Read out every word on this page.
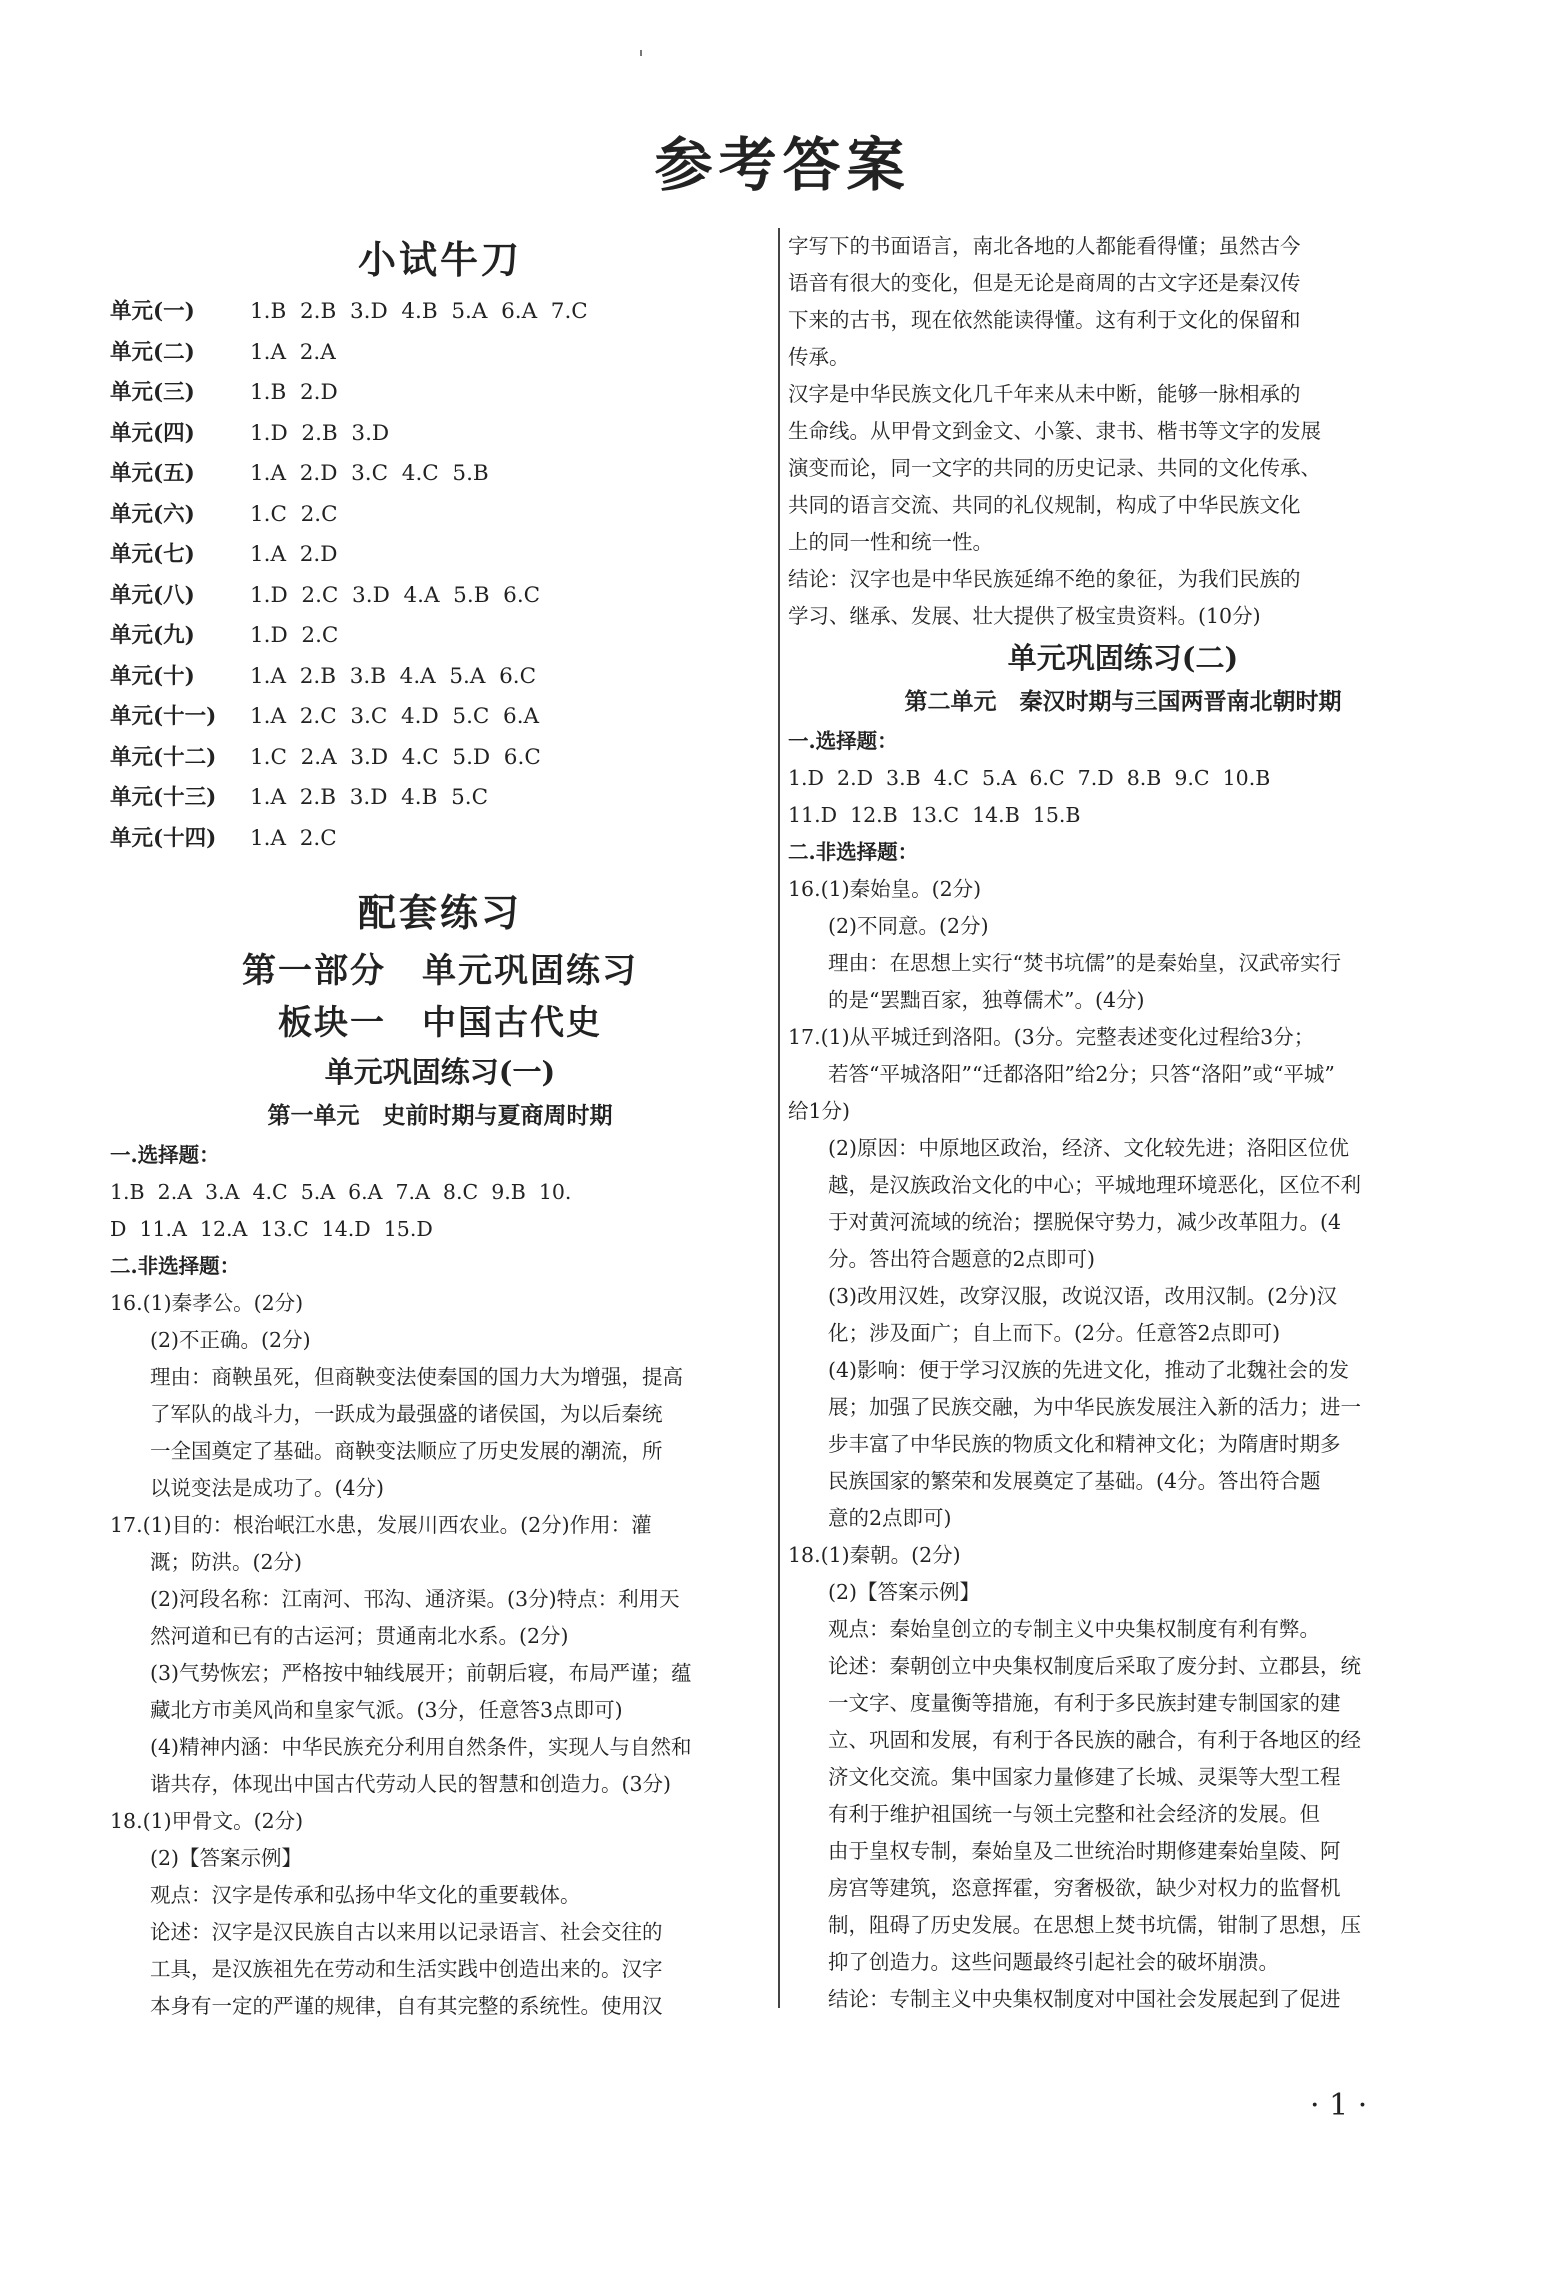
参考答案
小试牛刀
单元(一)	1.B  2.B  3.D  4.B  5.A  6.A  7.C
单元(二)	1.A  2.A
单元(三)	1.B  2.D
单元(四)	1.D  2.B  3.D
单元(五)	1.A  2.D  3.C  4.C  5.B
单元(六)	1.C  2.C
单元(七)	1.A  2.D
单元(八)	1.D  2.C  3.D  4.A  5.B  6.C
单元(九)	1.D  2.C
单元(十)	1.A  2.B  3.B  4.A  5.A  6.C
单元(十一) 1.A  2.C  3.C  4.D  5.C  6.A
单元(十二) 1.C  2.A  3.D  4.C  5.D  6.C
单元(十三) 1.A  2.B  3.D  4.B  5.C
单元(十四) 1.A  2.C
配套练习
第一部分　单元巩固练习
板块一　中国古代史
单元巩固练习(一)
第一单元　史前时期与夏商周时期
一.选择题：
1.B  2.A  3.A  4.C  5.A  6.A  7.A  8.C  9.B  10.
D  11.A  12.A  13.C  14.D  15.D
二.非选择题：
16.(1)秦孝公。(2分)
(2)不正确。(2分)
理由：商鞅虽死，但商鞅变法使秦国的国力大为增强，提高
了军队的战斗力，一跃成为最强盛的诸侯国，为以后秦统
一全国奠定了基础。商鞅变法顺应了历史发展的潮流，所
以说变法是成功了。(4分)
17.(1)目的：根治岷江水患，发展川西农业。(2分)作用：灌
溉；防洪。(2分)
(2)河段名称：江南河、邗沟、通济渠。(3分)特点：利用天
然河道和已有的古运河；贯通南北水系。(2分)
(3)气势恢宏；严格按中轴线展开；前朝后寝，布局严谨；蕴
藏北方市美风尚和皇家气派。(3分，任意答3点即可)
(4)精神内涵：中华民族充分利用自然条件，实现人与自然和
谐共存，体现出中国古代劳动人民的智慧和创造力。(3分)
18.(1)甲骨文。(2分)
(2)【答案示例】
观点：汉字是传承和弘扬中华文化的重要载体。
论述：汉字是汉民族自古以来用以记录语言、社会交往的
工具，是汉族祖先在劳动和生活实践中创造出来的。汉字
本身有一定的严谨的规律，自有其完整的系统性。使用汉
字写下的书面语言，南北各地的人都能看得懂；虽然古今
语音有很大的变化，但是无论是商周的古文字还是秦汉传
下来的古书，现在依然能读得懂。这有利于文化的保留和
传承。
汉字是中华民族文化几千年来从未中断，能够一脉相承的
生命线。从甲骨文到金文、小篆、隶书、楷书等文字的发展
演变而论，同一文字的共同的历史记录、共同的文化传承、
共同的语言交流、共同的礼仪规制，构成了中华民族文化
上的同一性和统一性。
结论：汉字也是中华民族延绵不绝的象征，为我们民族的
学习、继承、发展、壮大提供了极宝贵资料。(10分)
单元巩固练习(二)
第二单元　秦汉时期与三国两晋南北朝时期
一.选择题：
1.D  2.D  3.B  4.C  5.A  6.C  7.D  8.B  9.C  10.B
11.D  12.B  13.C  14.B  15.B
二.非选择题：
16.(1)秦始皇。(2分)
(2)不同意。(2分)
理由：在思想上实行“焚书坑儒”的是秦始皇，汉武帝实行
的是“罢黜百家，独尊儒术”。(4分)
17.(1)从平城迁到洛阳。(3分。完整表述变化过程给3分；
若答“平城洛阳”“迁都洛阳”给2分；只答“洛阳”或“平城”
给1分)
(2)原因：中原地区政治，经济、文化较先进；洛阳区位优
越，是汉族政治文化的中心；平城地理环境恶化，区位不利
于对黄河流域的统治；摆脱保守势力，减少改革阻力。(4
分。答出符合题意的2点即可)
(3)改用汉姓，改穿汉服，改说汉语，改用汉制。(2分)汉
化；涉及面广；自上而下。(2分。任意答2点即可)
(4)影响：便于学习汉族的先进文化，推动了北魏社会的发
展；加强了民族交融，为中华民族发展注入新的活力；进一
步丰富了中华民族的物质文化和精神文化；为隋唐时期多
民族国家的繁荣和发展奠定了基础。(4分。答出符合题
意的2点即可)
18.(1)秦朝。(2分)
(2)【答案示例】
观点：秦始皇创立的专制主义中央集权制度有利有弊。
论述：秦朝创立中央集权制度后采取了废分封、立郡县，统
一文字、度量衡等措施，有利于多民族封建专制国家的建
立、巩固和发展，有利于各民族的融合，有利于各地区的经
济文化交流。集中国家力量修建了长城、灵渠等大型工程
有利于维护祖国统一与领土完整和社会经济的发展。但
由于皇权专制，秦始皇及二世统治时期修建秦始皇陵、阿
房宫等建筑，恣意挥霍，穷奢极欲，缺少对权力的监督机
制，阻碍了历史发展。在思想上焚书坑儒，钳制了思想，压
抑了创造力。这些问题最终引起社会的破坏崩溃。
结论：专制主义中央集权制度对中国社会发展起到了促进
· 1 ·
